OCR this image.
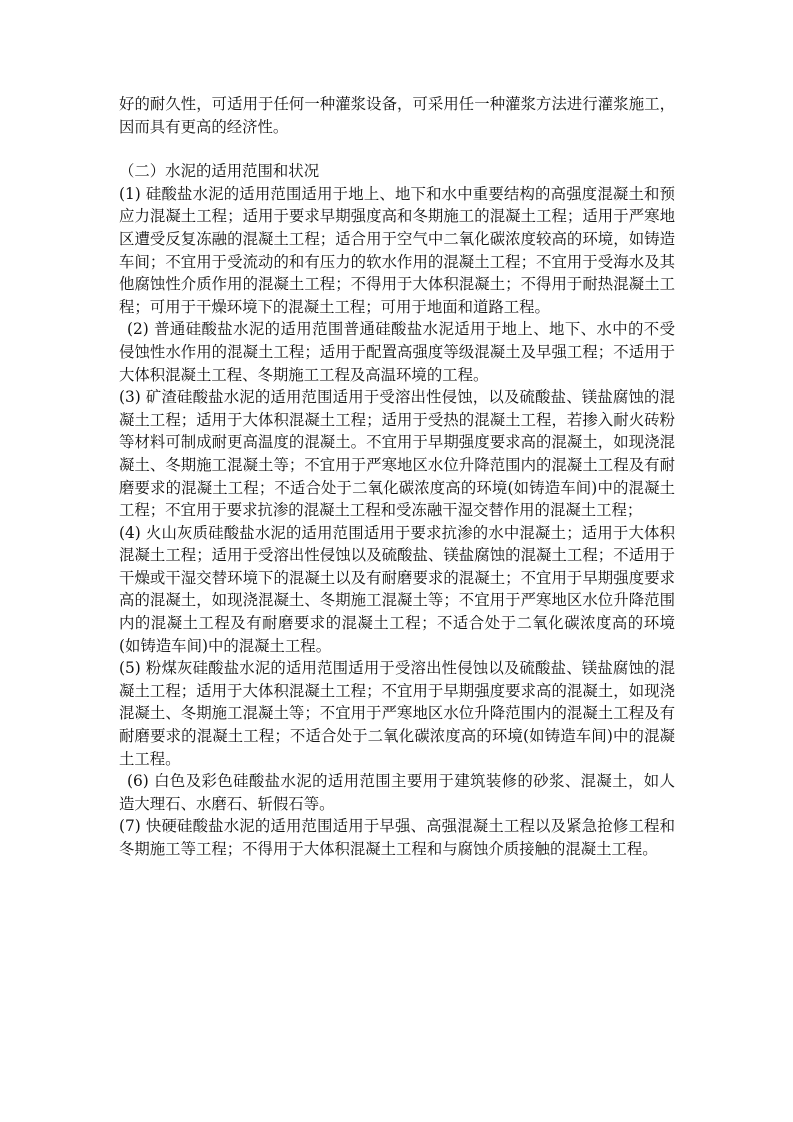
好的耐久性，可适用于任何一种灌浆设备，可采用任一种灌浆方法进行灌浆施工，因而具有更高的经济性。

（二）水泥的适用范围和状况

(1) 硅酸盐水泥的适用范围适用于地上、地下和水中重要结构的高强度混凝土和预应力混凝土工程；适用于要求早期强度高和冬期施工的混凝土工程；适用于严寒地区遭受反复冻融的混凝土工程；适合用于空气中二氧化碳浓度较高的环境，如铸造车间；不宜用于受流动的和有压力的软水作用的混凝土工程；不宜用于受海水及其他腐蚀性介质作用的混凝土工程；不得用于大体积混凝土；不得用于耐热混凝土工程；可用于干燥环境下的混凝土工程；可用于地面和道路工程。

(2) 普通硅酸盐水泥的适用范围普通硅酸盐水泥适用于地上、地下、水中的不受侵蚀性水作用的混凝土工程；适用于配置高强度等级混凝土及早强工程；不适用于大体积混凝土工程、冬期施工工程及高温环境的工程。

(3) 矿渣硅酸盐水泥的适用范围适用于受溶出性侵蚀，以及硫酸盐、镁盐腐蚀的混凝土工程；适用于大体积混凝土工程；适用于受热的混凝土工程，若掺入耐火砖粉等材料可制成耐更高温度的混凝土。不宜用于早期强度要求高的混凝土，如现浇混凝土、冬期施工混凝土等；不宜用于严寒地区水位升降范围内的混凝土工程及有耐磨要求的混凝土工程；不适合处于二氧化碳浓度高的环境(如铸造车间)中的混凝土工程；不宜用于要求抗渗的混凝土工程和受冻融干湿交替作用的混凝土工程；

(4) 火山灰质硅酸盐水泥的适用范围适用于要求抗渗的水中混凝土；适用于大体积混凝土工程；适用于受溶出性侵蚀以及硫酸盐、镁盐腐蚀的混凝土工程；不适用于干燥或干湿交替环境下的混凝土以及有耐磨要求的混凝土；不宜用于早期强度要求高的混凝土，如现浇混凝土、冬期施工混凝土等；不宜用于严寒地区水位升降范围内的混凝土工程及有耐磨要求的混凝土工程；不适合处于二氧化碳浓度高的环境(如铸造车间)中的混凝土工程。

(5) 粉煤灰硅酸盐水泥的适用范围适用于受溶出性侵蚀以及硫酸盐、镁盐腐蚀的混凝土工程；适用于大体积混凝土工程；不宜用于早期强度要求高的混凝土，如现浇混凝土、冬期施工混凝土等；不宜用于严寒地区水位升降范围内的混凝土工程及有耐磨要求的混凝土工程；不适合处于二氧化碳浓度高的环境(如铸造车间)中的混凝土工程。

(6) 白色及彩色硅酸盐水泥的适用范围主要用于建筑装修的砂浆、混凝土，如人造大理石、水磨石、斩假石等。

(7) 快硬硅酸盐水泥的适用范围适用于早强、高强混凝土工程以及紧急抢修工程和冬期施工等工程；不得用于大体积混凝土工程和与腐蚀介质接触的混凝土工程。
